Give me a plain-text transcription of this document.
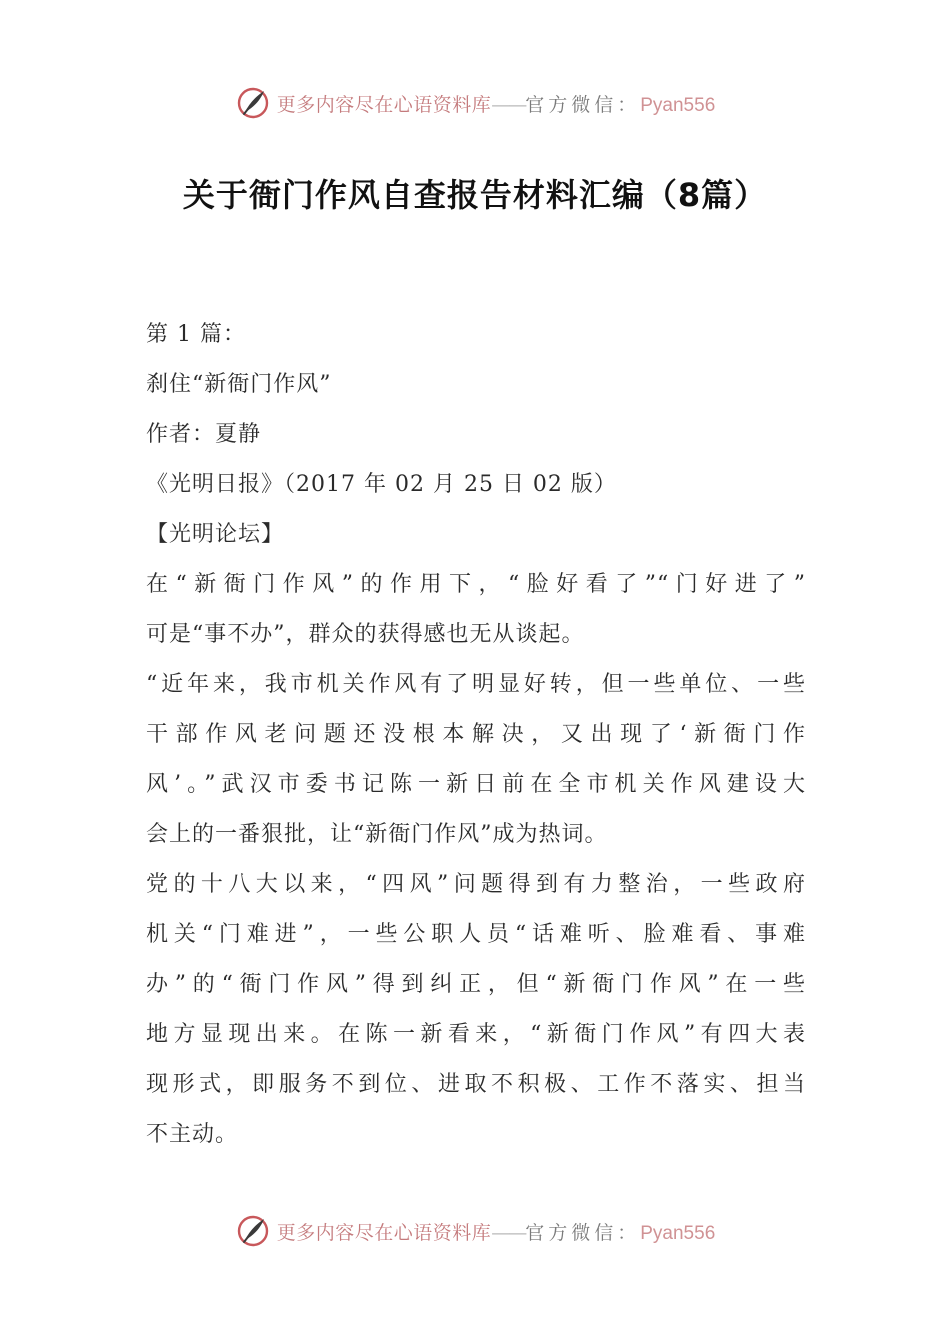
更多内容尽在心语资料库——官方微信：Pyan556
关于衙门作风自查报告材料汇编（8篇）
第 1 篇：
刹住“新衙门作风”
作者：夏静
《光明日报》（2017 年 02 月 25 日 02 版）
【光明论坛】
在“新衙门作风”的作用下，“脸好看了”“门好进了”
可是“事不办”，群众的获得感也无从谈起。
“近年来，我市机关作风有了明显好转，但一些单位、一些
干部作风老问题还没根本解决，又出现了‘新衙门作
风’。”武汉市委书记陈一新日前在全市机关作风建设大
会上的一番狠批，让“新衙门作风”成为热词。
党的十八大以来，“四风”问题得到有力整治，一些政府
机关“门难进”，一些公职人员“话难听、脸难看、事难
办”的“衙门作风”得到纠正，但“新衙门作风”在一些
地方显现出来。在陈一新看来，“新衙门作风”有四大表
现形式，即服务不到位、进取不积极、工作不落实、担当
不主动。
更多内容尽在心语资料库——官方微信：Pyan556
